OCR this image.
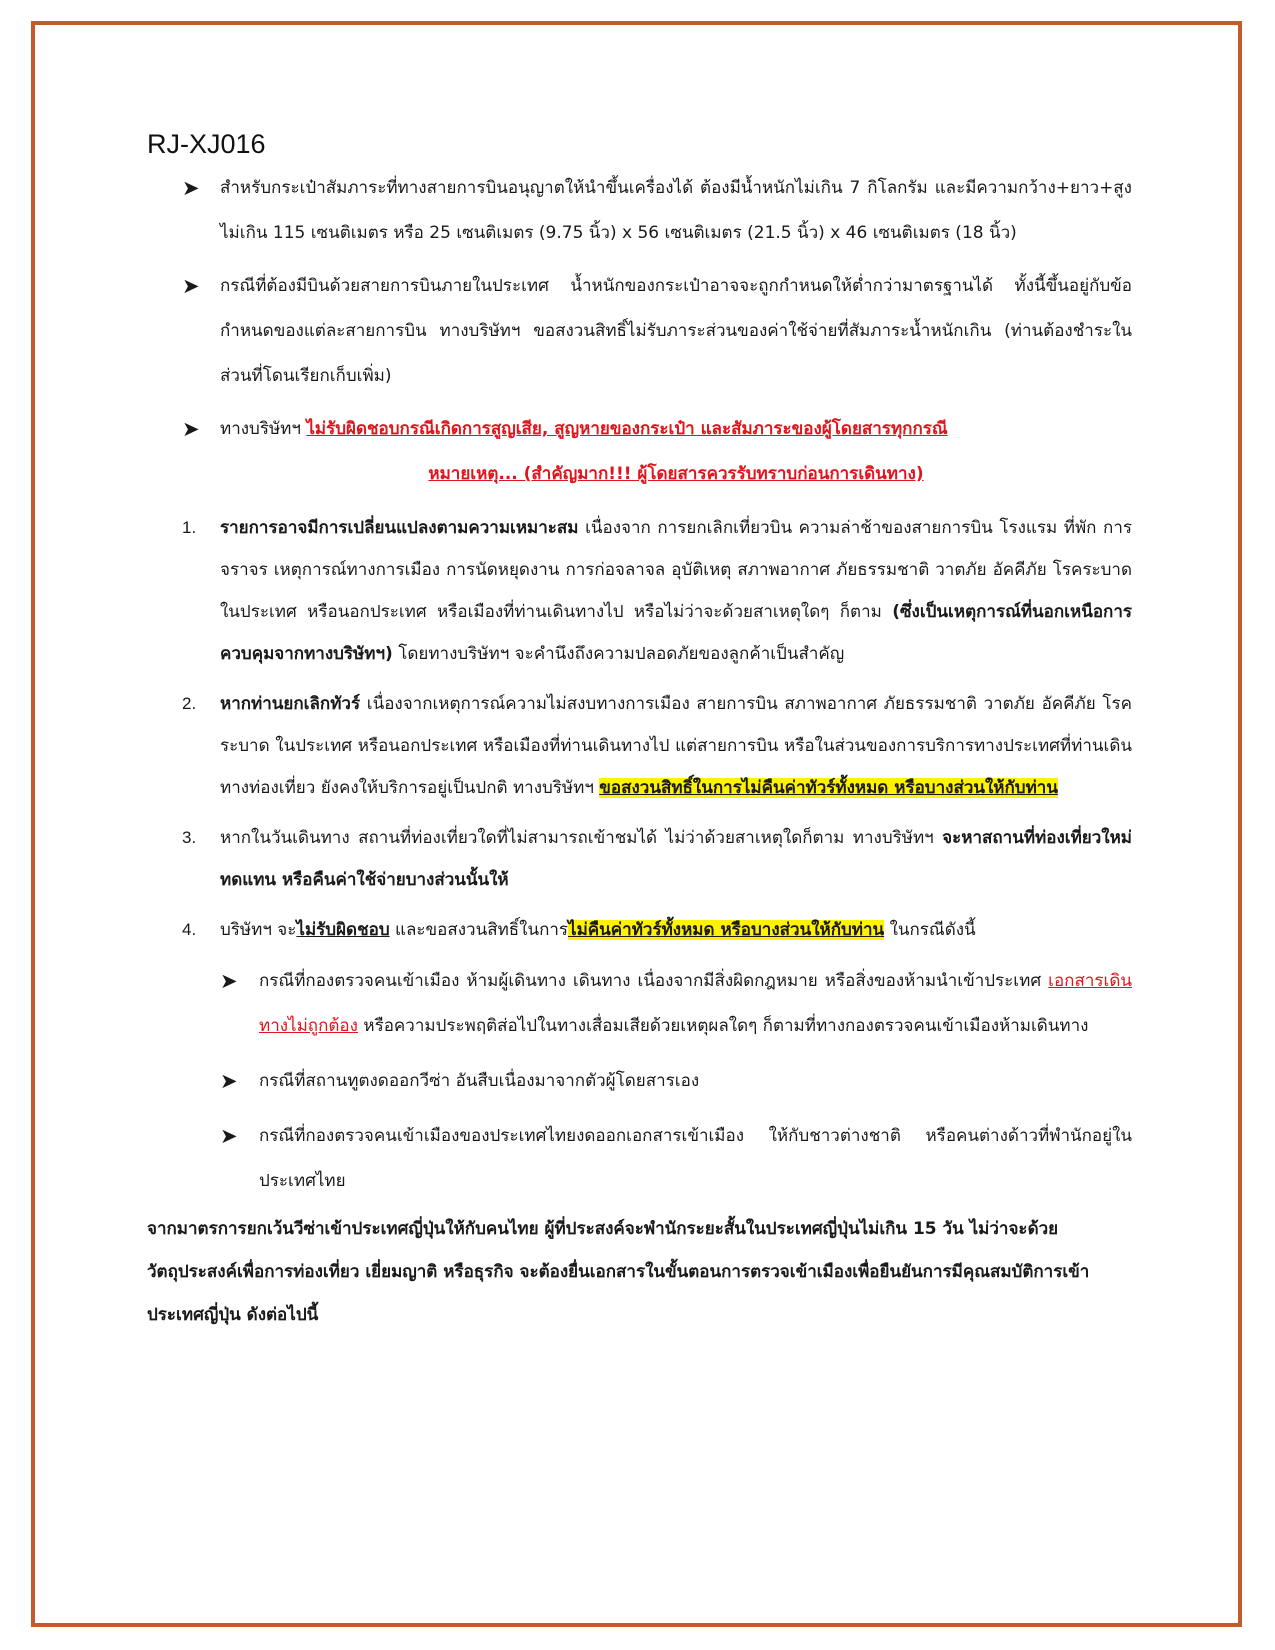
RJ-XJ016
➤ สำหรับกระเป๋าสัมภาระที่ทางสายการบินอนุญาตให้นำขึ้นเครื่องได้ ต้องมีน้ำหนักไม่เกิน 7 กิโลกรัม และมีความกว้าง+ยาว+สูง ไม่เกิน 115 เซนติเมตร หรือ 25 เซนติเมตร (9.75 นิ้ว) x 56 เซนติเมตร (21.5 นิ้ว) x 46 เซนติเมตร (18 นิ้ว)
➤ กรณีที่ต้องมีบินด้วยสายการบินภายในประเทศ น้ำหนักของกระเป๋าอาจจะถูกกำหนดให้ต่ำกว่ามาตรฐานได้ ทั้งนี้ขึ้นอยู่กับข้อกำหนดของแต่ละสายการบิน ทางบริษัทฯ ขอสงวนสิทธิ์ไม่รับภาระส่วนของค่าใช้จ่ายที่สัมภาระน้ำหนักเกิน (ท่านต้องชำระในส่วนที่โดนเรียกเก็บเพิ่ม)
➤ ทางบริษัทฯ ไม่รับผิดชอบกรณีเกิดการสูญเสีย, สูญหายของกระเป๋า และสัมภาระของผู้โดยสารทุกกรณี
หมายเหตุ... (สำคัญมาก!!! ผู้โดยสารควรรับทราบก่อนการเดินทาง)
1. รายการอาจมีการเปลี่ยนแปลงตามความเหมาะสม เนื่องจาก การยกเลิกเที่ยวบิน ความล่าช้าของสายการบิน โรงแรม ที่พัก การจราจร เหตุการณ์ทางการเมือง การนัดหยุดงาน การก่อจลาจล อุบัติเหตุ สภาพอากาศ ภัยธรรมชาติ วาตภัย อัคคีภัย โรคระบาด ในประเทศ หรือนอกประเทศ หรือเมืองที่ท่านเดินทางไป หรือไม่ว่าจะด้วยสาเหตุใดๆ ก็ตาม (ซึ่งเป็นเหตุการณ์ที่นอกเหนือการควบคุมจากทางบริษัทฯ) โดยทางบริษัทฯ จะคำนึงถึงความปลอดภัยของลูกค้าเป็นสำคัญ
2. หากท่านยกเลิกทัวร์ เนื่องจากเหตุการณ์ความไม่สงบทางการเมือง สายการบิน สภาพอากาศ ภัยธรรมชาติ วาตภัย อัคคีภัย โรคระบาด ในประเทศ หรือนอกประเทศ หรือเมืองที่ท่านเดินทางไป แต่สายการบิน หรือในส่วนของการบริการทางประเทศที่ท่านเดินทางท่องเที่ยว ยังคงให้บริการอยู่เป็นปกติ ทางบริษัทฯ ขอสงวนสิทธิ์ในการไม่คืนค่าทัวร์ทั้งหมด หรือบางส่วนให้กับท่าน
3. หากในวันเดินทาง สถานที่ท่องเที่ยวใดที่ไม่สามารถเข้าชมได้ ไม่ว่าด้วยสาเหตุใดก็ตาม ทางบริษัทฯ จะหาสถานที่ท่องเที่ยวใหม่ทดแทน หรือคืนค่าใช้จ่ายบางส่วนนั้นให้
4. บริษัทฯ จะไม่รับผิดชอบ และขอสงวนสิทธิ์ในการไม่คืนค่าทัวร์ทั้งหมด หรือบางส่วนให้กับท่าน ในกรณีดังนี้
➤ กรณีที่กองตรวจคนเข้าเมือง ห้ามผู้เดินทาง เดินทาง เนื่องจากมีสิ่งผิดกฎหมาย หรือสิ่งของห้ามนำเข้าประเทศ เอกสารเดินทางไม่ถูกต้อง หรือความประพฤติส่อไปในทางเสื่อมเสียด้วยเหตุผลใดๆ ก็ตามที่ทางกองตรวจคนเข้าเมืองห้ามเดินทาง
➤ กรณีที่สถานทูตงดออกวีซ่า อันสืบเนื่องมาจากตัวผู้โดยสารเอง
➤ กรณีที่กองตรวจคนเข้าเมืองของประเทศไทยงดออกเอกสารเข้าเมือง ให้กับชาวต่างชาติ หรือคนต่างด้าวที่พำนักอยู่ในประเทศไทย
จากมาตรการยกเว้นวีซ่าเข้าประเทศญี่ปุ่นให้กับคนไทย ผู้ที่ประสงค์จะพำนักระยะสั้นในประเทศญี่ปุ่นไม่เกิน 15 วัน ไม่ว่าจะด้วยวัตถุประสงค์เพื่อการท่องเที่ยว เยี่ยมญาติ หรือธุรกิจ จะต้องยื่นเอกสารในขั้นตอนการตรวจเข้าเมืองเพื่อยืนยันการมีคุณสมบัติการเข้าประเทศญี่ปุ่น ดังต่อไปนี้
